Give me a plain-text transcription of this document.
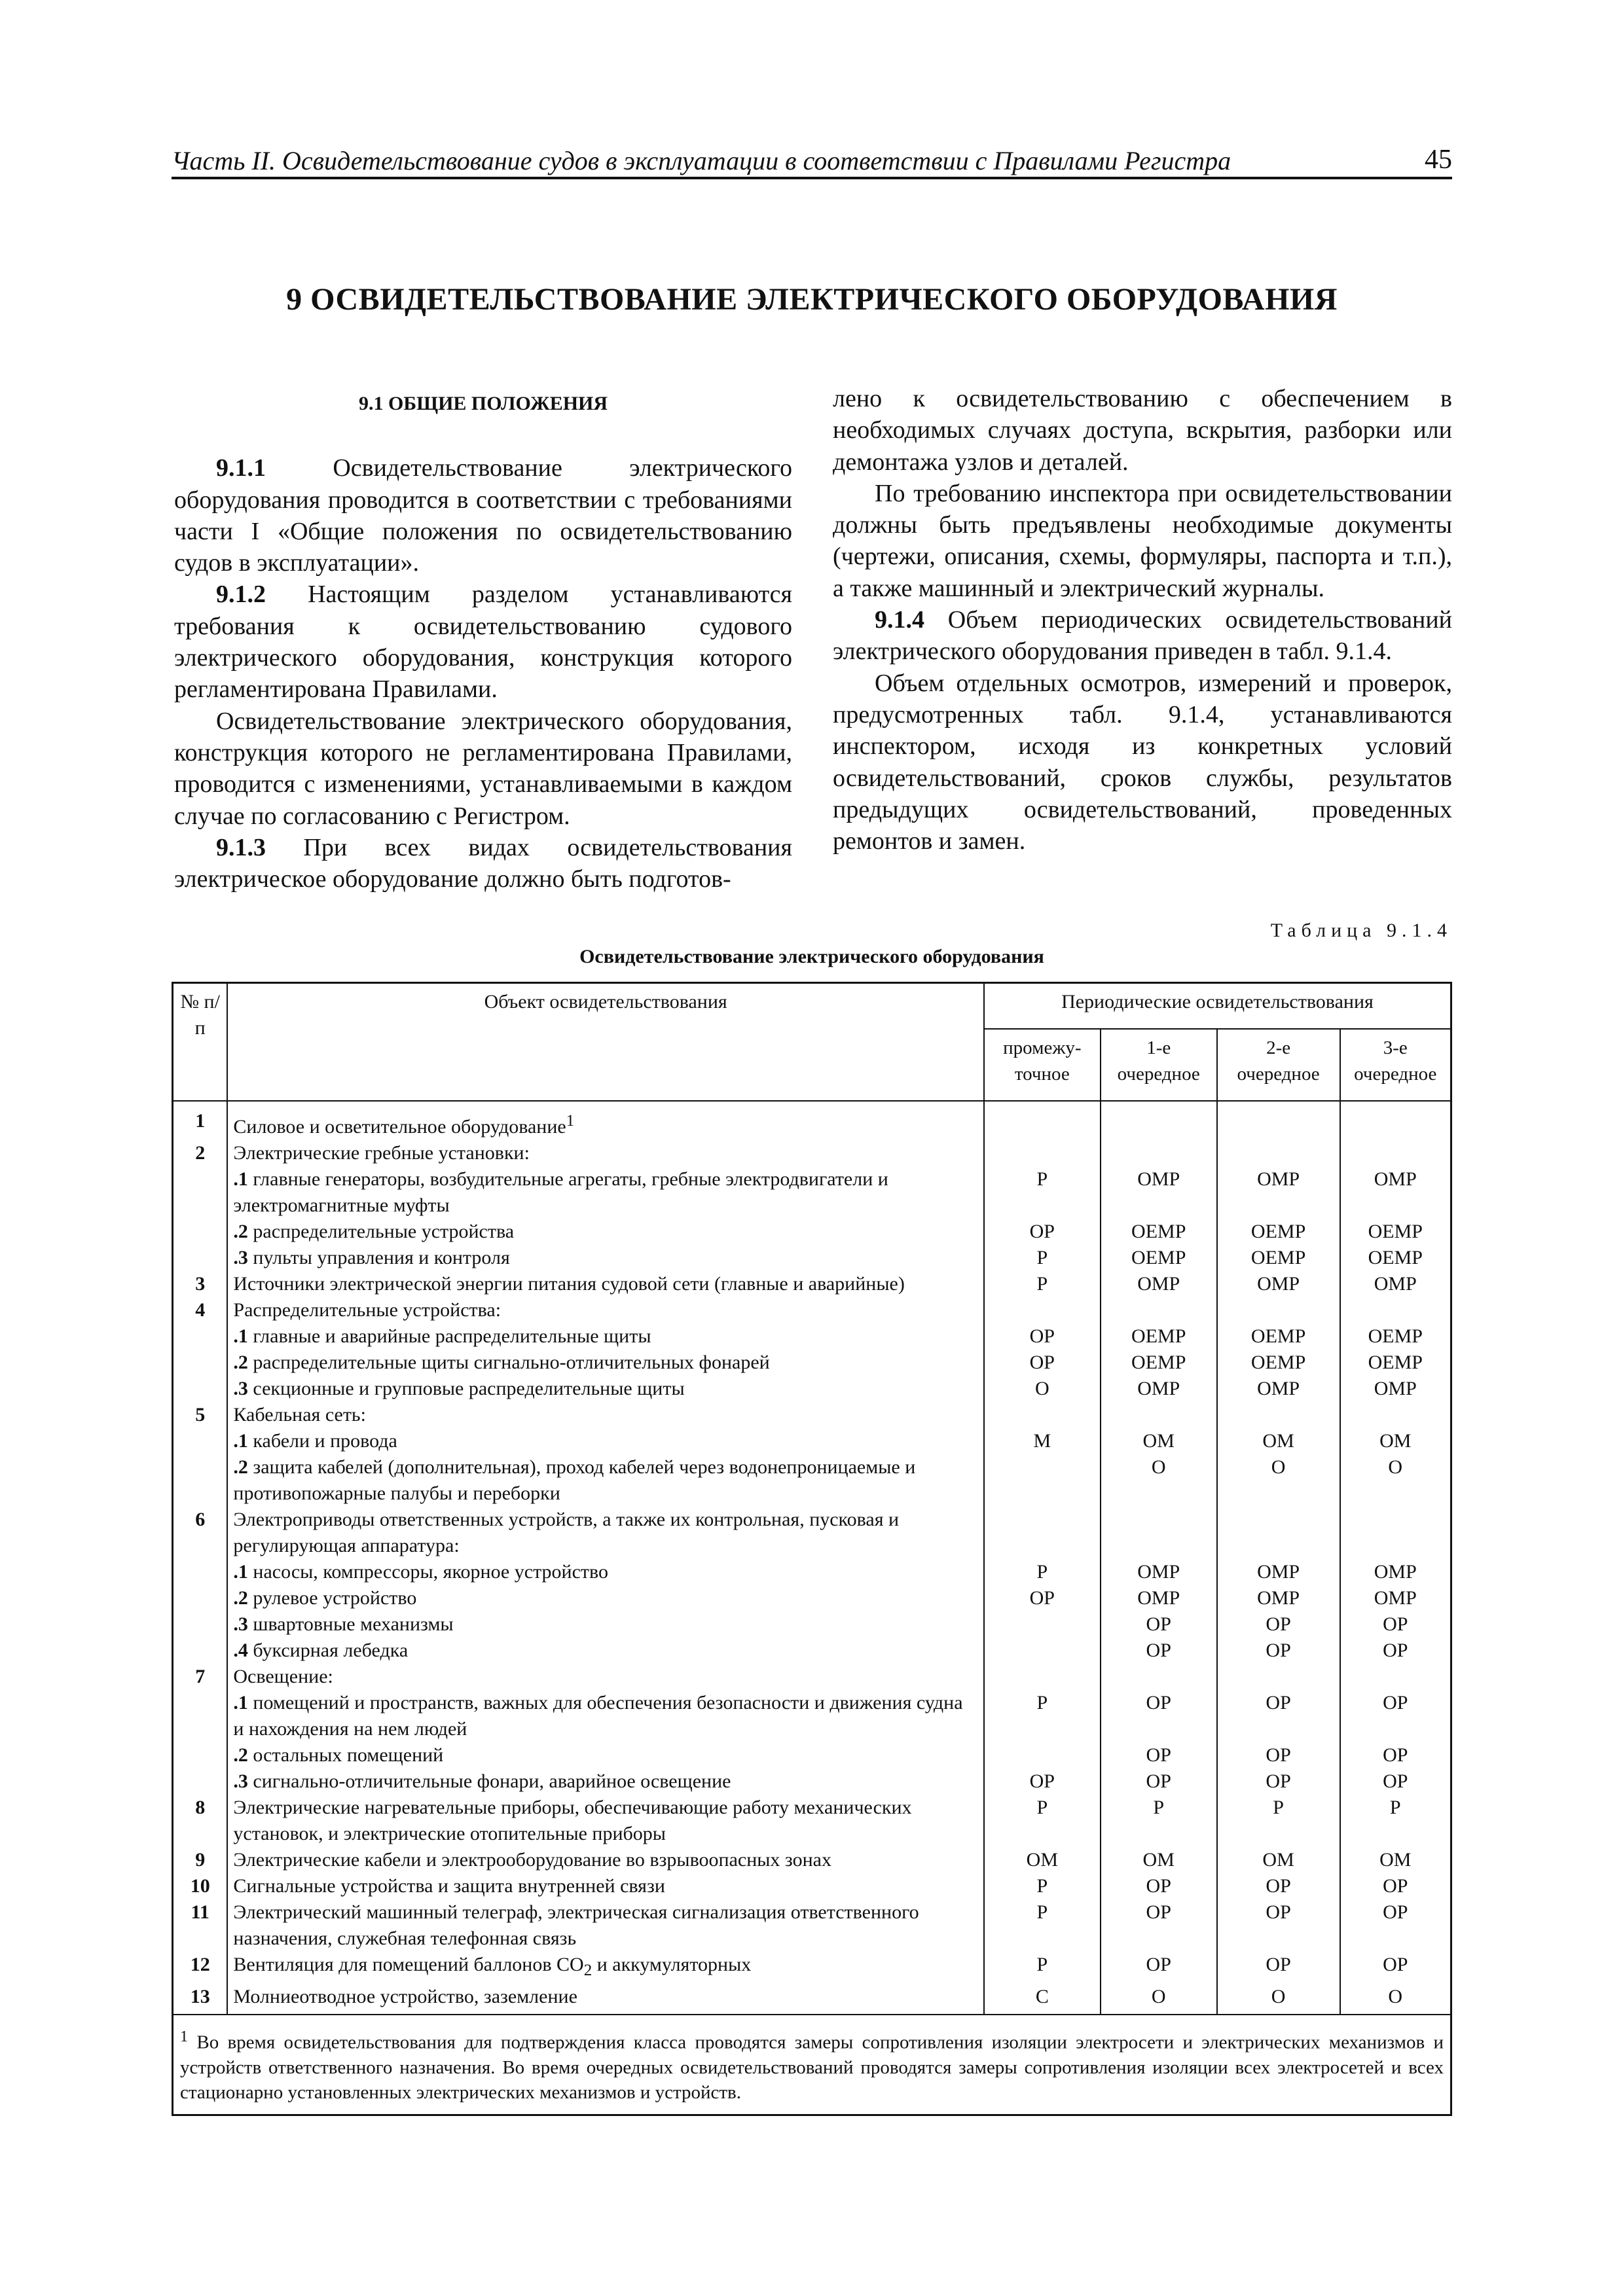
Часть II. Освидетельствование судов в эксплуатации в соответствии с Правилами Регистра	45
9 ОСВИДЕТЕЛЬСТВОВАНИЕ ЭЛЕКТРИЧЕСКОГО ОБОРУДОВАНИЯ
9.1 ОБЩИЕ ПОЛОЖЕНИЯ

9.1.1 Освидетельствование электрического оборудования проводится в соответствии с требованиями части I «Общие положения по освидетельствованию судов в эксплуатации».

9.1.2 Настоящим разделом устанавливаются требования к освидетельствованию судового электрического оборудования, конструкция которого регламентирована Правилами.

Освидетельствование электрического оборудования, конструкция которого не регламентирована Правилами, проводится с изменениями, устанавливаемыми в каждом случае по согласованию с Регистром.

9.1.3 При всех видах освидетельствования электрическое оборудование должно быть подготов-

лено к освидетельствованию с обеспечением в необходимых случаях доступа, вскрытия, разборки или демонтажа узлов и деталей.

По требованию инспектора при освидетельствовании должны быть предъявлены необходимые документы (чертежи, описания, схемы, формуляры, паспорта и т.п.), а также машинный и электрический журналы.

9.1.4 Объем периодических освидетельствований электрического оборудования приведен в табл. 9.1.4.

Объем отдельных осмотров, измерений и проверок, предусмотренных табл. 9.1.4, устанавливаются инспектором, исходя из конкретных условий освидетельствований, сроков службы, результатов предыдущих освидетельствований, проведенных ремонтов и замен.

Таблица 9.1.4
Освидетельствование электрического оборудования
№ п/п	Объект освидетельствования	Периодические освидетельствования			
		промежу-точное	1-е очередное	2-е очередное	3-е очередное
1	Силовое и осветительное оборудование$^1$				
2	Электрические гребные установки:				
	.1 главные генераторы, возбудительные агрегаты, гребные электродвигатели и электромагнитные муфты	Р	ОМР	ОМР	ОМР
	.2 распределительные устройства	ОР	ОЕМР	ОЕМР	ОЕМР
	.3 пульты управления и контроля	Р	ОЕМР	ОЕМР	ОЕМР
3	Источники электрической энергии питания судовой сети (главные и аварийные)	Р	ОМР	ОМР	ОМР
4	Распределительные устройства:				
	.1 главные и аварийные распределительные щиты	ОР	ОЕМР	ОЕМР	ОЕМР
	.2 распределительные щиты сигнально-отличительных фонарей	ОР	ОЕМР	ОЕМР	ОЕМР
	.3 секционные и групповые распределительные щиты	О	ОМР	ОМР	ОМР
5	Кабельная сеть:				
	.1 кабели и провода	М	ОМ	ОМ	ОМ
	.2 защита кабелей (дополнительная), проход кабелей через водонепроницаемые и противопожарные палубы и переборки		О	О	О
6	Электроприводы ответственных устройств, а также их контрольная, пусковая и регулирующая аппаратура:				
	.1 насосы, компрессоры, якорное устройство	Р	ОМР	ОМР	ОМР
	.2 рулевое устройство	ОР	ОМР	ОМР	ОМР
	.3 швартовные механизмы		ОР	ОР	ОР
	.4 буксирная лебедка		ОР	ОР	ОР
7	Освещение:				
	.1 помещений и пространств, важных для обеспечения безопасности и движения судна и нахождения на нем людей	Р	ОР	ОР	ОР
	.2 остальных помещений		ОР	ОР	ОР
	.3 сигнально-отличительные фонари, аварийное освещение	ОР	ОР	ОР	ОР
8	Электрические нагревательные приборы, обеспечивающие работу механических установок, и электрические отопительные приборы	Р	Р	Р	Р
9	Электрические кабели и электрооборудование во взрывоопасных зонах	ОМ	ОМ	ОМ	ОМ
10	Сигнальные устройства и защита внутренней связи	Р	ОР	ОР	ОР
11	Электрический машинный телеграф, электрическая сигнализация ответственного назначения, служебная телефонная связь	Р	ОР	ОР	ОР
12	Вентиляция для помещений баллонов $СО_2$ и аккумуляторных	Р	ОР	ОР	ОР
13	Молниеотводное устройство, заземление	С	О	О	О
$^1$ Во время освидетельствования для подтверждения класса проводятся замеры сопротивления изоляции электросети и электрических механизмов и устройств ответственного назначения. Во время очередных освидетельствований проводятся замеры сопротивления изоляции всех электросетей и всех стационарно установленных электрических механизмов и устройств.					
